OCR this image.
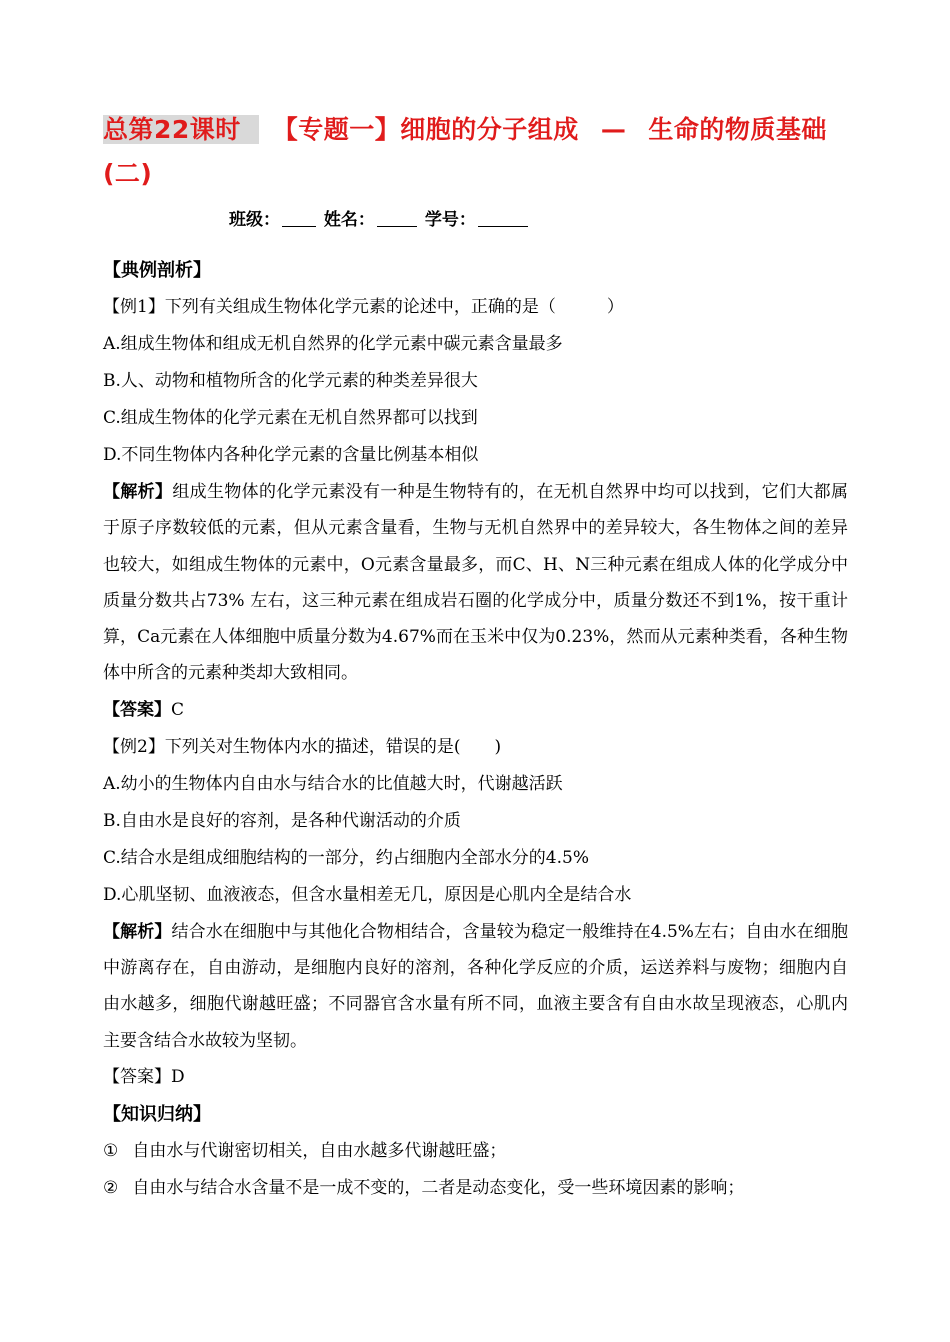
总第22课时 【专题一】细胞的分子组成 — 生命的物质基础
(二)
班级：	姓名：	学号：
【典例剖析】
【例1】下列有关组成生物体化学元素的论述中，正确的是（　　　）
A.组成生物体和组成无机自然界的化学元素中碳元素含量最多
B.人、动物和植物所含的化学元素的种类差异很大
C.组成生物体的化学元素在无机自然界都可以找到
D.不同生物体内各种化学元素的含量比例基本相似
【解析】组成生物体的化学元素没有一种是生物特有的，在无机自然界中均可以找到，它们大都属于原子序数较低的元素，但从元素含量看，生物与无机自然界中的差异较大，各生物体之间的差异也较大，如组成生物体的元素中，O元素含量最多，而C、H、N三种元素在组成人体的化学成分中质量分数共占73% 左右，这三种元素在组成岩石圈的化学成分中，质量分数还不到1%，按干重计算，Ca元素在人体细胞中质量分数为4.67%而在玉米中仅为0.23%，然而从元素种类看，各种生物体中所含的元素种类却大致相同。
【答案】C
【例2】下列关对生物体内水的描述，错误的是(　　)
A.幼小的生物体内自由水与结合水的比值越大时，代谢越活跃
B.自由水是良好的容剂，是各种代谢活动的介质
C.结合水是组成细胞结构的一部分，约占细胞内全部水分的4.5%
D.心肌坚韧、血液液态，但含水量相差无几，原因是心肌内全是结合水
【解析】结合水在细胞中与其他化合物相结合，含量较为稳定一般维持在4.5%左右；自由水在细胞中游离存在，自由游动，是细胞内良好的溶剂，各种化学反应的介质，运送养料与废物；细胞内自由水越多，细胞代谢越旺盛；不同器官含水量有所不同，血液主要含有自由水故呈现液态，心肌内主要含结合水故较为坚韧。
【答案】D
【知识归纳】
① 自由水与代谢密切相关，自由水越多代谢越旺盛；
② 自由水与结合水含量不是一成不变的，二者是动态变化，受一些环境因素的影响；
